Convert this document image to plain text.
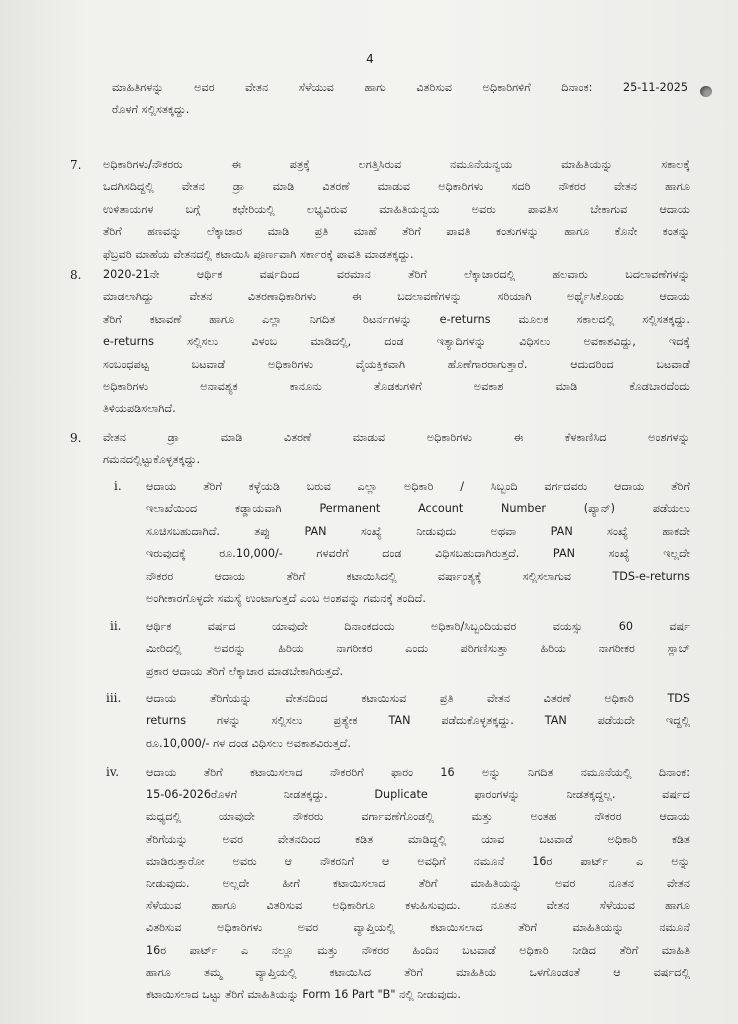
4
ಮಾಹಿತಿಗಳನ್ನು ಅವರ ವೇತನ ಸೆಳೆಯುವ ಹಾಗು ವಿತರಿಸುವ ಅಧಿಕಾರಿಗಳಿಗೆ ದಿನಾಂಕ: 25-11-2025
ರೊಳಗೆ ಸಲ್ಲಿಸತಕ್ಕದ್ದು.
7. ಅಧಿಕಾರಿಗಳು/ನೌಕರರು ಈ ಪತ್ರಕ್ಕೆ ಲಗತ್ತಿಸಿರುವ ನಮೂನೆಯನ್ವಯ ಮಾಹಿತಿಯನ್ನು ಸಕಾಲಕ್ಕೆ
ಒದಗಿಸದಿದ್ದಲ್ಲಿ ವೇತನ ಡ್ರಾ ಮಾಡಿ ವಿತರಣೆ ಮಾಡುವ ಅಧಿಕಾರಿಗಳು ಸದರಿ ನೌಕರರ ವೇತನ ಹಾಗೂ
ಉಳಿತಾಯಗಳ ಬಗ್ಗೆ ಕಛೇರಿಯಲ್ಲಿ ಲಭ್ಯವಿರುವ ಮಾಹಿತಿಯನ್ವಯ ಅವರು ಪಾವತಿಸ ಬೇಕಾಗುವ ಆದಾಯ
ತೆರಿಗೆ ಹಣವನ್ನು ಲೆಕ್ಕಾಚಾರ ಮಾಡಿ ಪ್ರತಿ ಮಾಹೆ ತೆರಿಗೆ ಪಾವತಿ ಕಂತುಗಳನ್ನು ಹಾಗೂ ಕೊನೇ ಕಂತನ್ನು
ಫೆಬ್ರವರಿ ಮಾಹೆಯ ವೇತನದಲ್ಲಿ ಕಟಾಯಿಸಿ ಪೂರ್ಣವಾಗಿ ಸರ್ಕಾರಕ್ಕೆ ಪಾವತಿ ಮಾಡತಕ್ಕದ್ದು.
8. 2020-21ನೇ ಆರ್ಥಿಕ ವರ್ಷದಿಂದ ವರಮಾನ ತೆರಿಗೆ ಲೆಕ್ಕಾಚಾರದಲ್ಲಿ ಹಲವಾರು ಬದಲಾವಣೆಗಳನ್ನು
ಮಾಡಲಾಗಿದ್ದು ವೇತನ ವಿತರಣಾಧಿಕಾರಿಗಳು ಈ ಬದಲಾವಣೆಗಳನ್ನು ಸರಿಯಾಗಿ ಅರ್ಥೈಸಿಕೊಂಡು ಆದಾಯ
ತೆರಿಗೆ ಕಟಾವಣೆ ಹಾಗೂ ಎಲ್ಲಾ ನಿಗದಿತ ರಿಟರ್ನಗಳನ್ನು e-returns ಮೂಲಕ ಸಕಾಲದಲ್ಲಿ ಸಲ್ಲಿಸತಕ್ಕದ್ದು.
e-returns ಸಲ್ಲಿಸಲು ವಿಳಂಬ ಮಾಡಿದಲ್ಲಿ, ದಂಡ ಇತ್ಯಾದಿಗಳನ್ನು ವಿಧಿಸಲು ಅವಕಾಶವಿದ್ದು, ಇದಕ್ಕೆ
ಸಂಬಂಧಪಟ್ಟ ಬಟವಾಡೆ ಅಧಿಕಾರಿಗಳು ವೈಯಕ್ತಿಕವಾಗಿ ಹೊಣೆಗಾರರಾಗುತ್ತಾರೆ. ಆದುದರಿಂದ ಬಟವಾಡೆ
ಅಧಿಕಾರಿಗಳು ಅನಾವಶ್ಯಕ ಕಾನೂನು ತೊಡಕುಗಳಿಗೆ ಅವಕಾಶ ಮಾಡಿ ಕೊಡಬಾರದೆಂದು
ತಿಳಿಯಪಡಿಸಲಾಗಿದೆ.
9. ವೇತನ ಡ್ರಾ ಮಾಡಿ ವಿತರಣೆ ಮಾಡುವ ಅಧಿಕಾರಿಗಳು ಈ ಕೆಳಕಾಣಿಸಿದ ಅಂಶಗಳನ್ನು
ಗಮನದಲ್ಲಿಟ್ಟುಕೊಳ್ಳತಕ್ಕದ್ದು.
i. ಆದಾಯ ತೆರಿಗೆ ಕಳ್ಳೆಯಡಿ ಬರುವ ಎಲ್ಲಾ ಅಧಿಕಾರಿ / ಸಿಬ್ಬಂದಿ ವರ್ಗದವರು ಆದಾಯ ತೆರಿಗೆ
ಇಲಾಖೆಯಿಂದ ಕಡ್ಡಾಯವಾಗಿ Permanent Account Number (ಪ್ಯಾನ್) ಪಡೆಯಲು
ಸೂಚಿಸಬಹುದಾಗಿದೆ. ತಪ್ಪು PAN ಸಂಖ್ಯೆ ನೀಡುವುದು ಅಥವಾ PAN ಸಂಖ್ಯೆ ಹಾಕದೇ
ಇರುವುದಕ್ಕೆ ರೂ.10,000/- ಗಳವರೆಗೆ ದಂಡ ವಿಧಿಸಬಹುದಾಗಿರುತ್ತದೆ. PAN ಸಂಖ್ಯೆ ಇಲ್ಲದೇ
ನೌಕರರ ಆದಾಯ ತೆರಿಗೆ ಕಟಾಯಿಸಿದಲ್ಲಿ ವರ್ಷಾಂತ್ಯಕ್ಕೆ ಸಲ್ಲಿಸಲಾಗುವ TDS-e-returns
ಅಂಗೀಕಾರಗೊಳ್ಳದೇ ಸಮಸ್ಯೆ ಉಂಟಾಗುತ್ತದೆ ಎಂಬ ಅಂಶವನ್ನು ಗಮನಕ್ಕೆ ತಂದಿದೆ.
ii. ಆರ್ಥಿಕ ವರ್ಷದ ಯಾವುದೇ ದಿನಾಂಕದಂದು ಅಧಿಕಾರಿ/ಸಿಬ್ಬಂದಿಯವರ ವಯಸ್ಸು 60 ವರ್ಷ
ಮೀರಿದಲ್ಲಿ ಅವರನ್ನು ಹಿರಿಯ ನಾಗರೀಕರ ಎಂದು ಪರಿಗಣಿಸುತ್ತಾ ಹಿರಿಯ ನಾಗರೀಕರ ಸ್ಲಾಬ್
ಪ್ರಕಾರ ಆದಾಯ ತೆರಿಗೆ ಲೆಕ್ಕಾಚಾರ ಮಾಡಬೇಕಾಗಿರುತ್ತದೆ.
iii. ಆದಾಯ ತೆರಿಗೆಯನ್ನು ವೇತನದಿಂದ ಕಟಾಯಿಸುವ ಪ್ರತಿ ವೇತನ ವಿತರಣೆ ಅಧಿಕಾರಿ TDS
returns ಗಳನ್ನು ಸಲ್ಲಿಸಲು ಪ್ರತ್ಯೇಕ TAN ಪಡೆದುಕೊಳ್ಳತಕ್ಕದ್ದು. TAN ಪಡೆಯದೇ ಇದ್ದಲ್ಲಿ
ರೂ.10,000/- ಗಳ ದಂಡ ವಿಧಿಸಲು ಅವಕಾಶವಿರುತ್ತದೆ.
iv. ಆದಾಯ ತೆರಿಗೆ ಕಟಾಯಿಸಲಾದ ನೌಕರರಿಗೆ ಫಾರಂ 16 ಅನ್ನು ನಿಗದಿತ ನಮೂನೆಯಲ್ಲಿ ದಿನಾಂಕ:
15-06-2026ರೊಳಗೆ ನೀಡತಕ್ಕದ್ದು. Duplicate ಫಾರಂಗಳನ್ನು ನೀಡತಕ್ಕದ್ದಲ್ಲ. ವರ್ಷದ
ಮಧ್ಯದಲ್ಲಿ ಯಾವುದೇ ನೌಕರರು ವರ್ಗಾವಣೆಗೊಂಡಲ್ಲಿ ಮತ್ತು ಅಂತಹ ನೌಕರರ ಆದಾಯ
ತೆರಿಗೆಯನ್ನು ಅವರ ವೇತನದಿಂದ ಕಡಿತ ಮಾಡಿದ್ದಲ್ಲಿ ಯಾವ ಬಟವಾಡೆ ಅಧಿಕಾರಿ ಕಡಿತ
ಮಾಡಿರುತ್ತಾರೋ ಅವರು ಆ ನೌಕರನಿಗೆ ಆ ಅವಧಿಗೆ ನಮೂನೆ 16ರ ಪಾರ್ಟ್ ಎ ಅನ್ನು
ನೀಡುವುದು. ಅಲ್ಲದೇ ಹೀಗೆ ಕಟಾಯಿಸಲಾದ ತೆರಿಗೆ ಮಾಹಿತಿಯನ್ನು ಅವರ ನೂತನ ವೇತನ
ಸೆಳೆಯುವ ಹಾಗೂ ವಿತರಿಸುವ ಅಧಿಕಾರಿಗೂ ಕಳುಹಿಸುವುದು. ನೂತನ ವೇತನ ಸೆಳೆಯುವ ಹಾಗೂ
ವಿತರಿಸುವ ಅಧಿಕಾರಿಗಳು ಅವರ ವ್ಯಾಪ್ತಿಯಲ್ಲಿ ಕಟಾಯಿಸಲಾದ ತೆರಿಗೆ ಮಾಹಿತಿಯನ್ನು ನಮೂನೆ
16ರ ಪಾರ್ಟ್ ಎ ನಲ್ಲೂ ಮತ್ತು ನೌಕರರ ಹಿಂದಿನ ಬಟವಾಡೆ ಅಧಿಕಾರಿ ನೀಡಿದ ತೆರಿಗೆ ಮಾಹಿತಿ
ಹಾಗೂ ತಮ್ಮ ವ್ಯಾಪ್ತಿಯಲ್ಲಿ ಕಟಾಯಿಸಿದ ತೆರಿಗೆ ಮಾಹಿತಿಯ ಒಳಗೊಂಡಂತೆ ಆ ವರ್ಷದಲ್ಲಿ
ಕಟಾಯಿಸಲಾದ ಒಟ್ಟು ತೆರಿಗೆ ಮಾಹಿತಿಯನ್ನು Form 16 Part "B" ನಲ್ಲಿ ನೀಡುವುದು.
